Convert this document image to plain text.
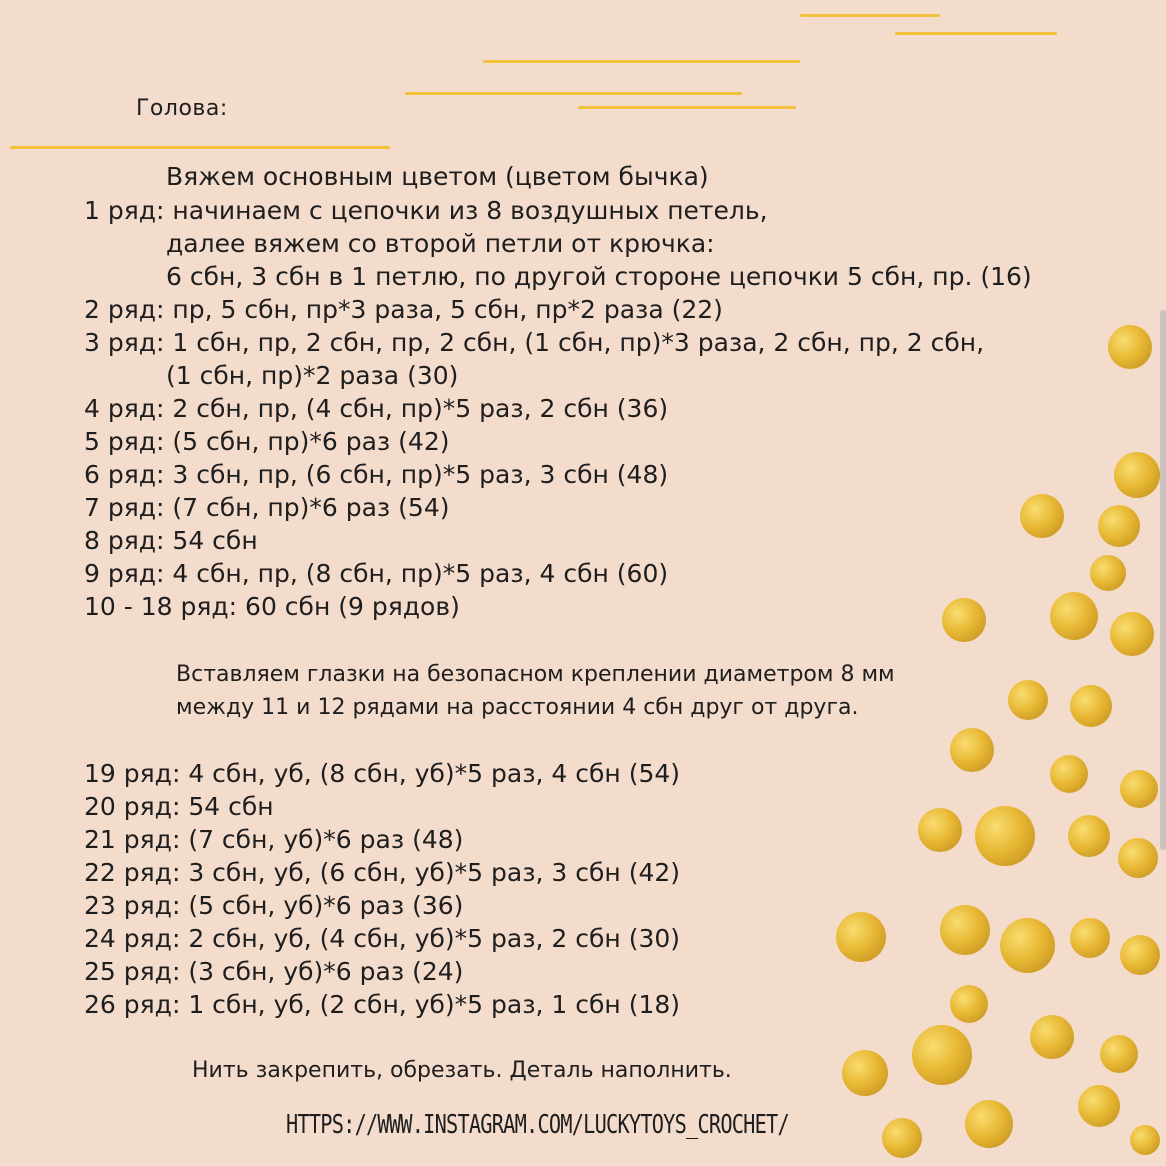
Голова:
Вяжем основным цветом (цветом бычка)
1 ряд: начинаем с цепочки из 8 воздушных петель,
далее вяжем со второй петли от крючка:
6 сбн, 3 сбн в 1 петлю, по другой стороне цепочки 5 сбн, пр. (16)
2 ряд: пр, 5 сбн, пр*3 раза, 5 сбн, пр*2 раза (22)
3 ряд: 1 сбн, пр, 2 сбн, пр, 2 сбн, (1 сбн, пр)*3 раза, 2 сбн, пр, 2 сбн,
(1 сбн, пр)*2 раза (30)
4 ряд: 2 сбн, пр, (4 сбн, пр)*5 раз, 2 сбн (36)
5 ряд: (5 сбн, пр)*6 раз (42)
6 ряд: 3 сбн, пр, (6 сбн, пр)*5 раз, 3 сбн (48)
7 ряд: (7 сбн, пр)*6 раз (54)
8 ряд: 54 сбн
9 ряд: 4 сбн, пр, (8 сбн, пр)*5 раз, 4 сбн (60)
10 - 18 ряд: 60 сбн (9 рядов)
Вставляем глазки на безопасном креплении диаметром 8 мм
между 11 и 12 рядами на расстоянии 4 сбн друг от друга.
19 ряд: 4 сбн, уб, (8 сбн, уб)*5 раз, 4 сбн (54)
20 ряд: 54 сбн
21 ряд: (7 сбн, уб)*6 раз (48)
22 ряд: 3 сбн, уб, (6 сбн, уб)*5 раз, 3 сбн (42)
23 ряд: (5 сбн, уб)*6 раз (36)
24 ряд: 2 сбн, уб, (4 сбн, уб)*5 раз, 2 сбн (30)
25 ряд: (3 сбн, уб)*6 раз (24)
26 ряд: 1 сбн, уб, (2 сбн, уб)*5 раз, 1 сбн (18)
Нить закрепить, обрезать. Деталь наполнить.
HTTPS://WWW.INSTAGRAM.COM/LUCKYTOYS_CROCHET/
